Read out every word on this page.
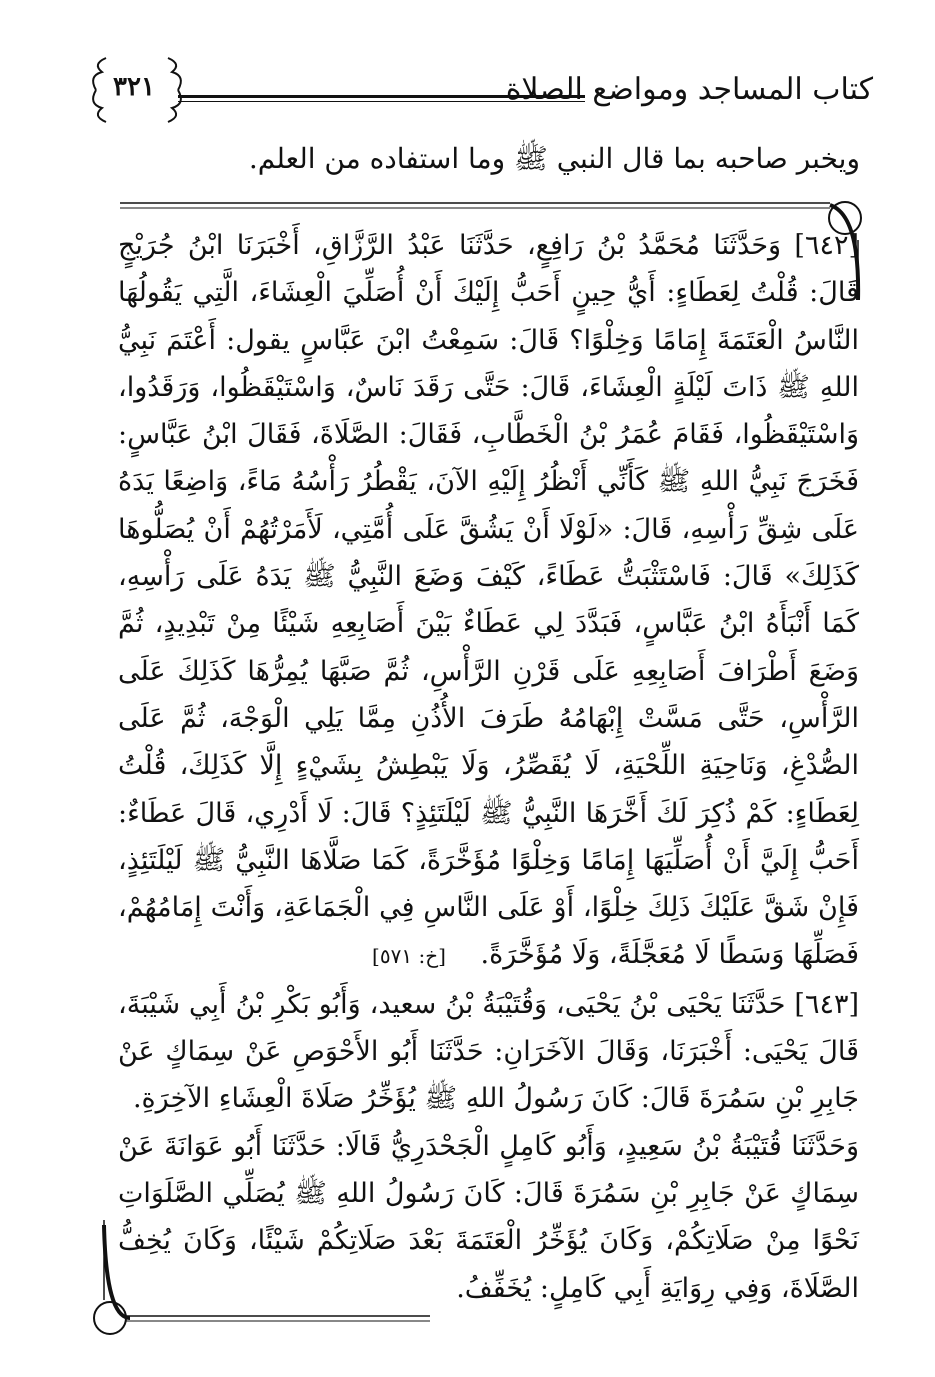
كتاب المساجد ومواضع الصلاة
٣٢١
ويخبر صاحبه بما قال النبي ﷺ وما استفاده من العلم.

[٦٤٢] وَحَدَّثَنَا مُحَمَّدُ بْنُ رَافِعٍ، حَدَّثَنَا عَبْدُ الرَّزَّاقِ، أَخْبَرَنَا ابْنُ جُرَيْجٍ قَالَ: قُلْتُ لِعَطَاءٍ: أَيُّ حِينٍ أَحَبُّ إِلَيْكَ أَنْ أُصَلِّيَ الْعِشَاءَ، الَّتِي يَقُولُهَا النَّاسُ الْعَتَمَةَ إِمَامًا وَخِلْوًا؟ قَالَ: سَمِعْتُ ابْنَ عَبَّاسٍ يقول: أَعْتَمَ نَبِيُّ اللهِ ﷺ ذَاتَ لَيْلَةٍ الْعِشَاءَ، قَالَ: حَتَّى رَقَدَ نَاسٌ، وَاسْتَيْقَظُوا، وَرَقَدُوا، وَاسْتَيْقَظُوا، فَقَامَ عُمَرُ بْنُ الْخَطَّابِ، فَقَالَ: الصَّلَاةَ، فَقَالَ ابْنُ عَبَّاسٍ: فَخَرَجَ نَبِيُّ اللهِ ﷺ كَأَنِّي أَنْظُرُ إِلَيْهِ الآنَ، يَقْطُرُ رَأْسُهُ مَاءً، وَاضِعًا يَدَهُ عَلَى شِقِّ رَأْسِهِ، قَالَ: «لَوْلَا أَنْ يَشُقَّ عَلَى أُمَّتِي، لَأَمَرْتُهُمْ أَنْ يُصَلُّوهَا كَذَلِكَ» قَالَ: فَاسْتَثْبَتُّ عَطَاءً، كَيْفَ وَضَعَ النَّبِيُّ ﷺ يَدَهُ عَلَى رَأْسِهِ، كَمَا أَنْبَأَهُ ابْنُ عَبَّاسٍ، فَبَدَّدَ لِي عَطَاءٌ بَيْنَ أَصَابِعِهِ شَيْئًا مِنْ تَبْدِيدٍ، ثُمَّ وَضَعَ أَطْرَافَ أَصَابِعِهِ عَلَى قَرْنِ الرَّأْسِ، ثُمَّ صَبَّهَا يُمِرُّهَا كَذَلِكَ عَلَى الرَّأْسِ، حَتَّى مَسَّتْ إِبْهَامُهُ طَرَفَ الأُذُنِ مِمَّا يَلِي الْوَجْهَ، ثُمَّ عَلَى الصُّدْغِ، وَنَاحِيَةِ اللِّحْيَةِ، لَا يُقَصِّرُ، وَلَا يَبْطِشُ بِشَيْءٍ إِلَّا كَذَلِكَ، قُلْتُ لِعَطَاءٍ: كَمْ ذُكِرَ لَكَ أَخَّرَهَا النَّبِيُّ ﷺ لَيْلَتَئِذٍ؟ قَالَ: لَا أَدْرِي، قَالَ عَطَاءٌ: أَحَبُّ إِلَيَّ أَنْ أُصَلِّيَهَا إِمَامًا وَخِلْوًا مُؤَخَّرَةً، كَمَا صَلَّاهَا النَّبِيُّ ﷺ لَيْلَتَئِذٍ، فَإِنْ شَقَّ عَلَيْكَ ذَلِكَ خِلْوًا، أَوْ عَلَى النَّاسِ فِي الْجَمَاعَةِ، وَأَنْتَ إِمَامُهُمْ، فَصَلِّهَا وَسَطًا لَا مُعَجَّلَةً، وَلَا مُؤَخَّرَةً. [خ: ٥٧١]

[٦٤٣] حَدَّثَنَا يَحْيَى بْنُ يَحْيَى، وَقُتَيْبَةُ بْنُ سعيد، وَأَبُو بَكْرِ بْنُ أَبِي شَيْبَةَ، قَالَ يَحْيَى: أَخْبَرَنَا، وَقَالَ الآخَرَانِ: حَدَّثَنَا أَبُو الأَحْوَصِ عَنْ سِمَاكٍ عَنْ جَابِرِ بْنِ سَمُرَةَ قَالَ: كَانَ رَسُولُ اللهِ ﷺ يُؤَخِّرُ صَلَاةَ الْعِشَاءِ الآخِرَةِ.

وَحَدَّثَنَا قُتَيْبَةُ بْنُ سَعِيدٍ، وَأَبُو كَامِلٍ الْجَحْدَرِيُّ قَالَا: حَدَّثَنَا أَبُو عَوَانَةَ عَنْ سِمَاكٍ عَنْ جَابِرِ بْنِ سَمُرَةَ قَالَ: كَانَ رَسُولُ اللهِ ﷺ يُصَلِّي الصَّلَوَاتِ نَحْوًا مِنْ صَلَاتِكُمْ، وَكَانَ يُؤَخِّرُ الْعَتَمَةَ بَعْدَ صَلَاتِكُمْ شَيْئًا، وَكَانَ يُخِفُّ الصَّلَاةَ، وَفِي رِوَايَةِ أَبِي كَامِلٍ: يُخَفِّفُ.
